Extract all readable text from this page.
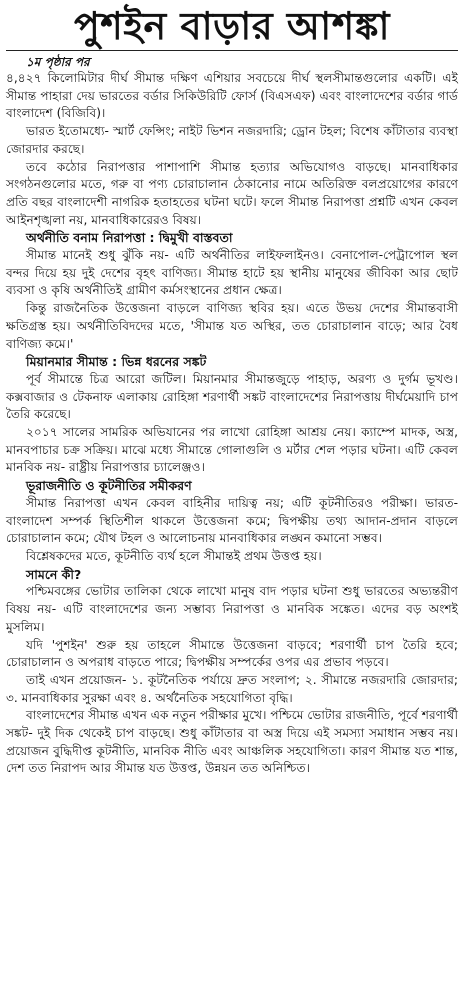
পুশইন বাড়ার আশঙ্কা

১ম পৃষ্ঠার পর

৪,৪২৭ কিলোমিটার দীর্ঘ সীমান্ত দক্ষিণ এশিয়ার সবচেয়ে দীর্ঘ স্থলসীমান্তগুলোর একটি। এই সীমান্ত পাহারা দেয় ভারতের বর্ডার সিকিউরিটি ফোর্স (বিএসএফ) এবং বাংলাদেশের বর্ডার গার্ড বাংলাদেশ (বিজিবি)।

ভারত ইতোমধ্যে- স্মার্ট ফেন্সিং; নাইট ভিশন নজরদারি; ড্রোন টহল; বিশেষ কাঁটাতার ব্যবস্থা জোরদার করছে।

তবে কঠোর নিরাপত্তার পাশাপাশি সীমান্ত হত্যার অভিযোগও বাড়ছে। মানবাধিকার সংগঠনগুলোর মতে, গরু বা পণ্য চোরাচালান ঠেকানোর নামে অতিরিক্ত বলপ্রয়োগের কারণে প্রতি বছর বাংলাদেশী নাগরিক হতাহতের ঘটনা ঘটে। ফলে সীমান্ত নিরাপত্তা প্রশ্নটি এখন কেবল আইনশৃঙ্খলা নয়, মানবাধিকারেরও বিষয়।

অর্থনীতি বনাম নিরাপত্তা : দ্বিমুখী বাস্তবতা

সীমান্ত মানেই শুধু ঝুঁকি নয়- এটি অর্থনীতির লাইফলাইনও। বেনাপোল-পেট্রাপোল স্থল বন্দর দিয়ে হয় দুই দেশের বৃহৎ বাণিজ্য। সীমান্ত হাটে হয় স্থানীয় মানুষের জীবিকা আর ছোট ব্যবসা ও কৃষি অর্থনীতিই গ্রামীণ কর্মসংস্থানের প্রধান ক্ষেত্র।

কিন্তু রাজনৈতিক উত্তেজনা বাড়লে বাণিজ্য স্থবির হয়। এতে উভয় দেশের সীমান্তবাসী ক্ষতিগ্রস্ত হয়। অর্থনীতিবিদদের মতে, 'সীমান্ত যত অস্থির, তত চোরাচালান বাড়ে; আর বৈধ বাণিজ্য কমে।'

মিয়ানমার সীমান্ত : ভিন্ন ধরনের সঙ্কট

পূর্ব সীমান্তে চিত্র আরো জটিল। মিয়ানমার সীমান্তজুড়ে পাহাড়, অরণ্য ও দুর্গম ভূখণ্ড। কক্সবাজার ও টেকনাফ এলাকায় রোহিঙ্গা শরণার্থী সঙ্কট বাংলাদেশের নিরাপত্তায় দীর্ঘমেয়াদি চাপ তৈরি করেছে।

২০১৭ সালের সামরিক অভিযানের পর লাখো রোহিঙ্গা আশ্রয় নেয়। ক্যাম্পে মাদক, অস্ত্র, মানবপাচার চক্র সক্রিয়। মাঝে মধ্যে সীমান্তে গোলাগুলি ও মর্টার শেল পড়ার ঘটনা। এটি কেবল মানবিক নয়- রাষ্ট্রীয় নিরাপত্তার চ্যালেঞ্জও।

ভূরাজনীতি ও কূটনীতির সমীকরণ

সীমান্ত নিরাপত্তা এখন কেবল বাহিনীর দায়িত্ব নয়; এটি কূটনীতিরও পরীক্ষা। ভারত-বাংলাদেশ সম্পর্ক স্থিতিশীল থাকলে উত্তেজনা কমে; দ্বিপক্ষীয় তথ্য আদান-প্রদান বাড়লে চোরাচালান কমে; যৌথ টহল ও আলোচনায় মানবাধিকার লঙ্ঘন কমানো সম্ভব।

বিশ্লেষকদের মতে, কূটনীতি ব্যর্থ হলে সীমান্তই প্রথম উত্তপ্ত হয়।

সামনে কী?

পশ্চিমবঙ্গের ভোটার তালিকা থেকে লাখো মানুষ বাদ পড়ার ঘটনা শুধু ভারতের অভ্যন্তরীণ বিষয় নয়- এটি বাংলাদেশের জন্য সম্ভাব্য নিরাপত্তা ও মানবিক সঙ্কেত। এদের বড় অংশই মুসলিম।

যদি 'পুশইন' শুরু হয় তাহলে সীমান্তে উত্তেজনা বাড়বে; শরণার্থী চাপ তৈরি হবে; চোরাচালান ও অপরাধ বাড়তে পারে; দ্বিপক্ষীয় সম্পর্কের ওপর এর প্রভাব পড়বে।

তাই এখন প্রয়োজন- ১. কূটনৈতিক পর্যায়ে দ্রুত সংলাপ; ২. সীমান্তে নজরদারি জোরদার; ৩. মানবাধিকার সুরক্ষা এবং ৪. অর্থনৈতিক সহযোগিতা বৃদ্ধি।

বাংলাদেশের সীমান্ত এখন এক নতুন পরীক্ষার মুখে। পশ্চিমে ভোটার রাজনীতি, পূর্বে শরণার্থী সঙ্কট- দুই দিক থেকেই চাপ বাড়ছে। শুধু কাঁটাতার বা অস্ত্র দিয়ে এই সমস্যা সমাধান সম্ভব নয়। প্রয়োজন বুদ্ধিদীপ্ত কূটনীতি, মানবিক নীতি এবং আঞ্চলিক সহযোগিতা। কারণ সীমান্ত যত শান্ত, দেশ তত নিরাপদ আর সীমান্ত যত উত্তপ্ত, উন্নয়ন তত অনিশ্চিত।
